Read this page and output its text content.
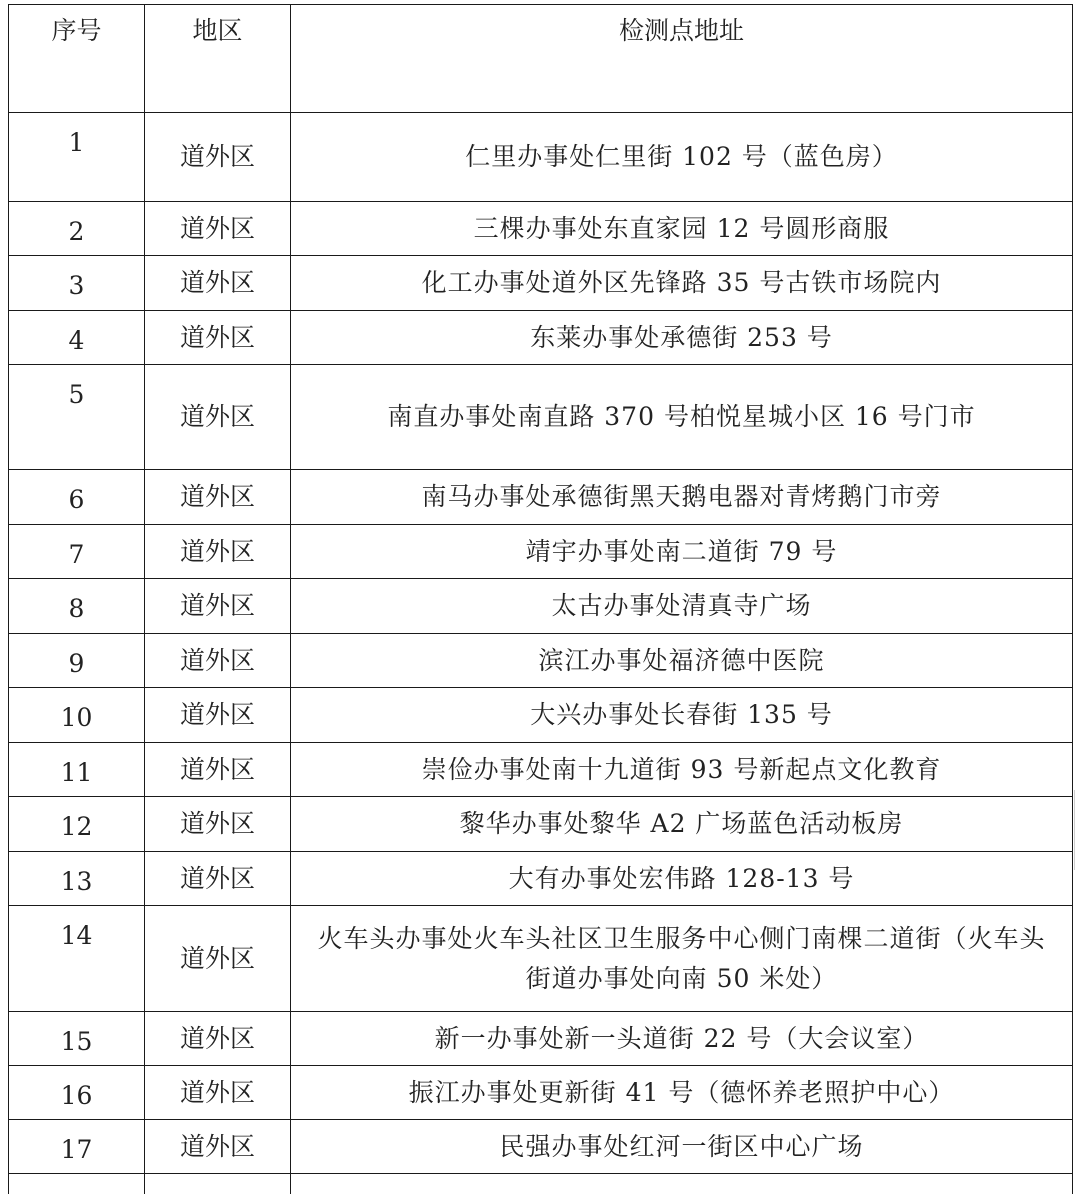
序号	地区	检测点地址
1	道外区	仁里办事处仁里街 102 号（蓝色房）
2	道外区	三棵办事处东直家园 12 号圆形商服
3	道外区	化工办事处道外区先锋路 35 号古铁市场院内
4	道外区	东莱办事处承德街 253 号
5	道外区	南直办事处南直路 370 号柏悦星城小区 16 号门市
6	道外区	南马办事处承德街黑天鹅电器对青烤鹅门市旁
7	道外区	靖宇办事处南二道街 79 号
8	道外区	太古办事处清真寺广场
9	道外区	滨江办事处福济德中医院
10	道外区	大兴办事处长春街 135 号
11	道外区	崇俭办事处南十九道街 93 号新起点文化教育
12	道外区	黎华办事处黎华 A2 广场蓝色活动板房
13	道外区	大有办事处宏伟路 128-13 号
14	道外区	火车头办事处火车头社区卫生服务中心侧门南棵二道街（火车头街道办事处向南 50 米处）
15	道外区	新一办事处新一头道街 22 号（大会议室）
16	道外区	振江办事处更新街 41 号（德怀养老照护中心）
17	道外区	民强办事处红河一街区中心广场
